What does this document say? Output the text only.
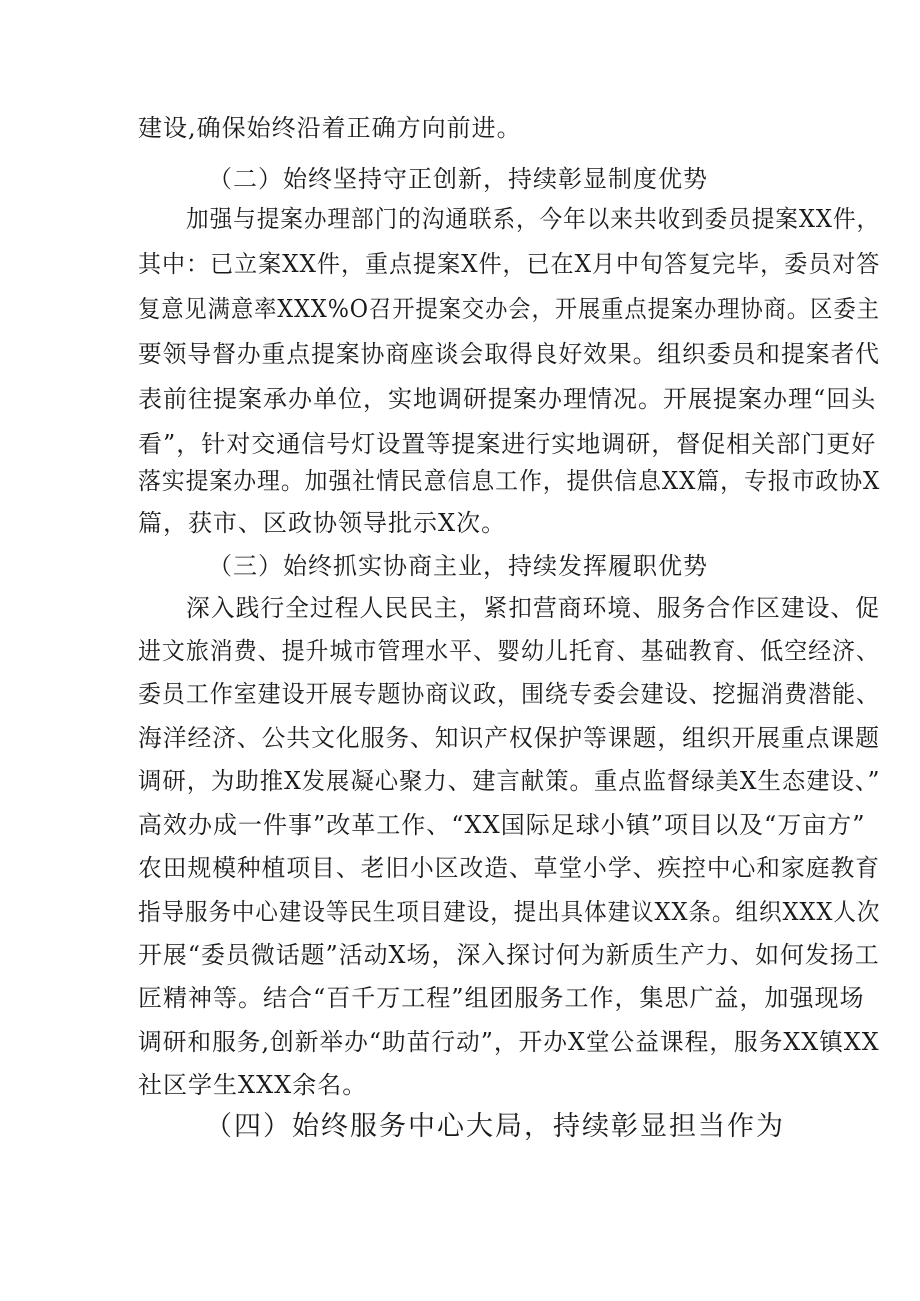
建设,确保始终沿着正确方向前进。
（二）始终坚持守正创新，持续彰显制度优势
加强与提案办理部门的沟通联系，今年以来共收到委员提案XX件，
其中：已立案XX件，重点提案X件，已在X月中旬答复完毕，委员对答
复意见满意率XXX%O召开提案交办会，开展重点提案办理协商。区委主
要领导督办重点提案协商座谈会取得良好效果。组织委员和提案者代
表前往提案承办单位，实地调研提案办理情况。开展提案办理“回头
看”，针对交通信号灯设置等提案进行实地调研，督促相关部门更好
落实提案办理。加强社情民意信息工作，提供信息XX篇，专报市政协X
篇，获市、区政协领导批示X次。
（三）始终抓实协商主业，持续发挥履职优势
深入践行全过程人民民主，紧扣营商环境、服务合作区建设、促
进文旅消费、提升城市管理水平、婴幼儿托育、基础教育、低空经济、
委员工作室建设开展专题协商议政，围绕专委会建设、挖掘消费潜能、
海洋经济、公共文化服务、知识产权保护等课题，组织开展重点课题
调研，为助推X发展凝心聚力、建言献策。重点监督绿美X生态建设、”
高效办成一件事”改革工作、“XX国际足球小镇”项目以及“万亩方”
农田规模种植项目、老旧小区改造、草堂小学、疾控中心和家庭教育
指导服务中心建设等民生项目建设，提出具体建议XX条。组织XXX人次
开展“委员微话题”活动X场，深入探讨何为新质生产力、如何发扬工
匠精神等。结合“百千万工程”组团服务工作，集思广益，加强现场
调研和服务,创新举办“助苗行动”，开办X堂公益课程，服务XX镇XX
社区学生XXX余名。
（四）始终服务中心大局，持续彰显担当作为
